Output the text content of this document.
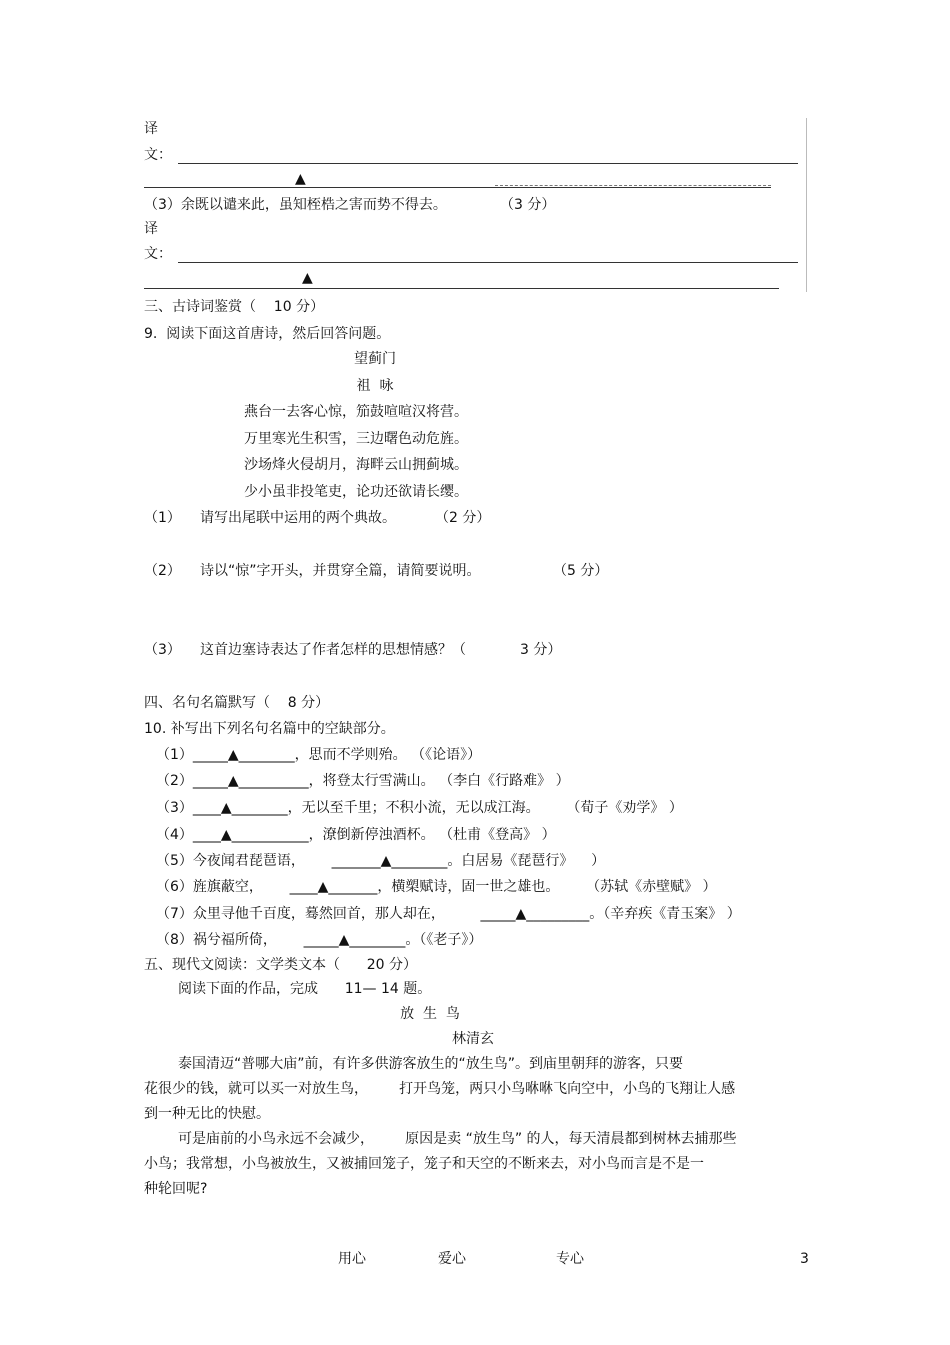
译
文：
▲
（3）余既以谴来此，虽知桎梏之害而势不得去。	（3 分）
译
文：
▲
三、古诗词鉴赏（    10 分）
9.  阅读下面这首唐诗，然后回答问题。
望蓟门
祖  咏
燕台一去客心惊，笳鼓喧喧汉将营。
万里寒光生积雪，三边曙色动危旌。
沙场烽火侵胡月，海畔云山拥蓟城。
少小虽非投笔吏，论功还欲请长缨。
（1） 请写出尾联中运用的两个典故。	（2 分）
（2） 诗以“惊”字开头，并贯穿全篇，请简要说明。	（5 分）
（3） 这首边塞诗表达了作者怎样的思想情感？（	3 分）
四、名句名篇默写（    8 分）
10. 补写出下列名句名篇中的空缺部分。
（1）_____▲________，思而不学则殆。 （《论语》）
（2）_____▲__________，将登太行雪满山。 （李白《行路难》 ）
（3）____▲________，无以至千里；不积小流，无以成江海。      （荀子《劝学》 ）
（4）____▲___________，潦倒新停浊酒杯。 （杜甫《登高》 ）
（5）今夜闻君琵琶语，      _______▲________。白居易《琵琶行》    ）
（6）旌旗蔽空，      ____▲_______，横槊赋诗，固一世之雄也。      （苏轼《赤壁赋》 ）
（7）众里寻他千百度，蓦然回首，那人却在，        _____▲_________。（辛弃疾《青玉案》 ）
（8）祸兮福所倚，      _____▲________。（《老子》）
五、现代文阅读：文学类文本（      20 分）
阅读下面的作品，完成      11— 14 题。
放  生  鸟
林清玄
泰国清迈“普哪大庙”前，有许多供游客放生的“放生鸟”。到庙里朝拜的游客，只要
花很少的钱，就可以买一对放生鸟，       打开鸟笼，两只小鸟咻咻飞向空中，小鸟的飞翔让人感
到一种无比的快慰。
可是庙前的小鸟永远不会减少，       原因是卖 “放生鸟” 的人，每天清晨都到树林去捕那些
小鸟；我常想，小鸟被放生，又被捕回笼子，笼子和天空的不断来去，对小鸟而言是不是一
种轮回呢?
用心	爱心	专心	3
